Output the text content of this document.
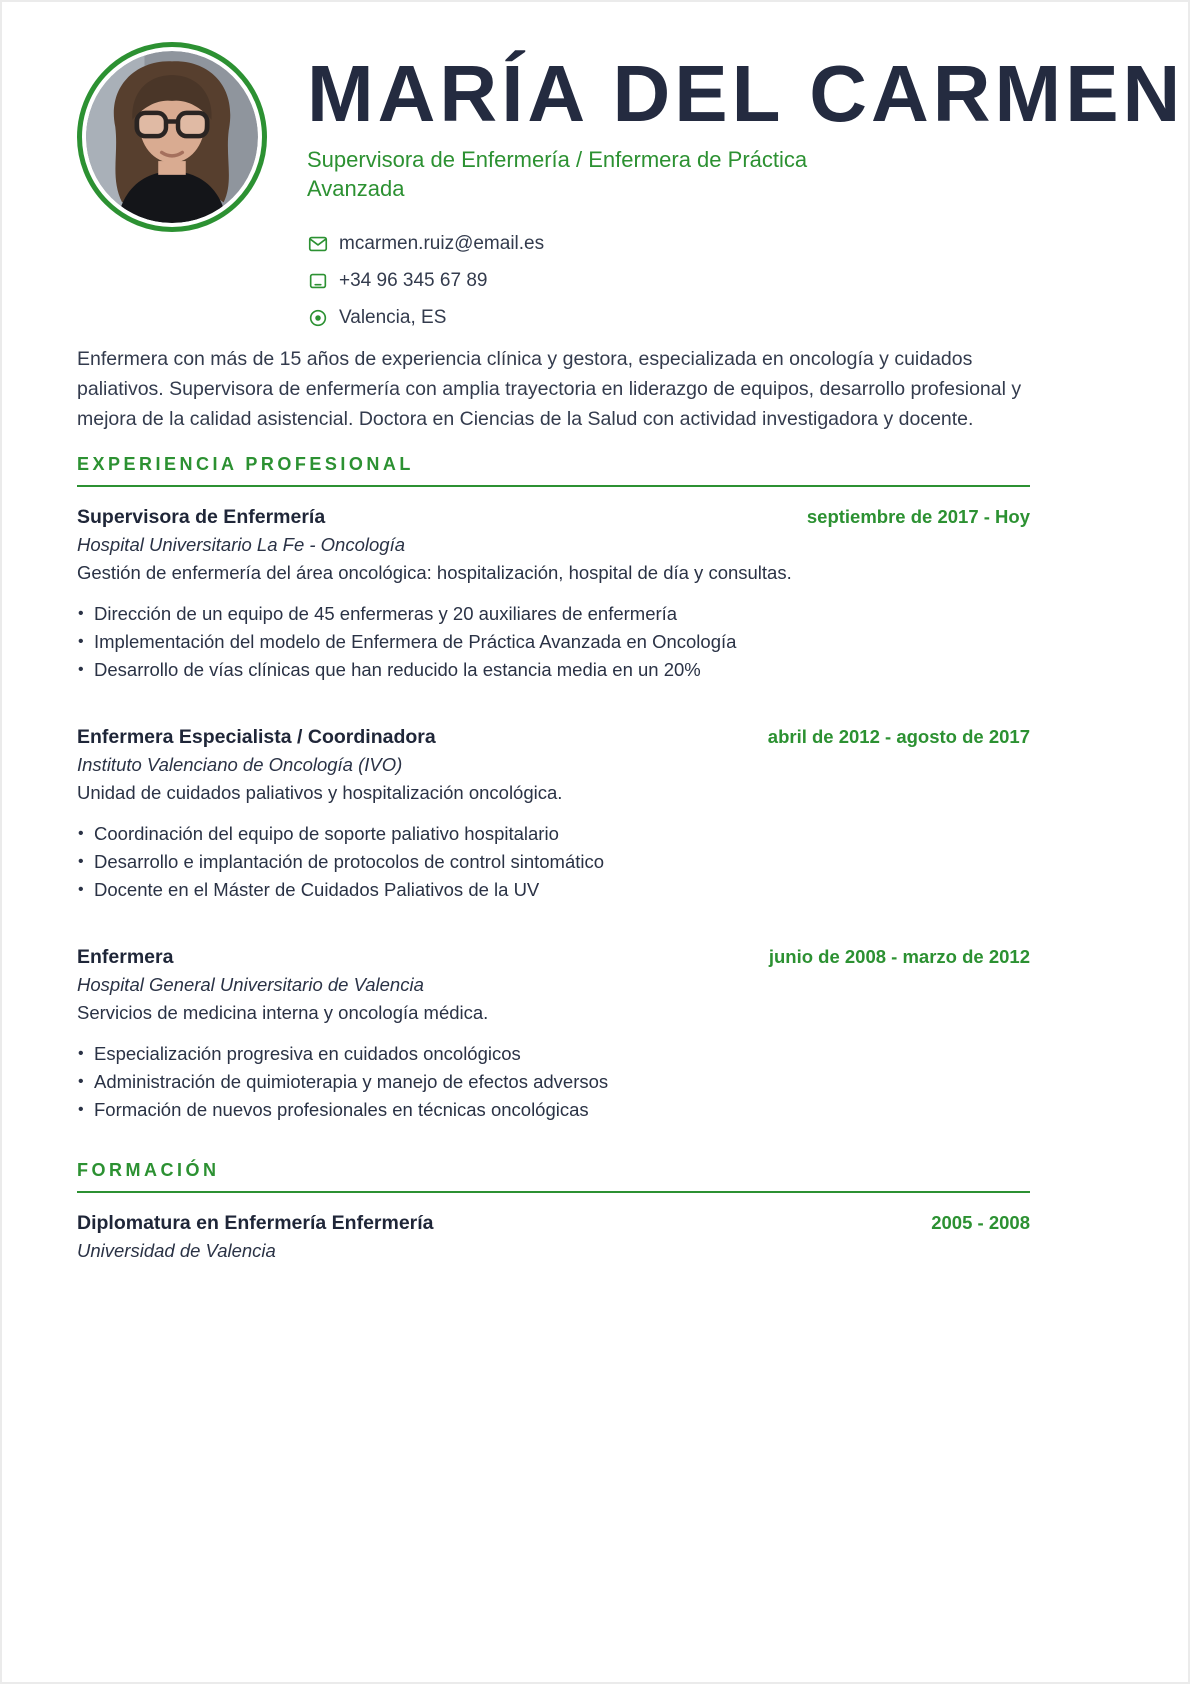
MARÍA DEL CARMEN
Supervisora de Enfermería / Enfermera de Práctica Avanzada
mcarmen.ruiz@email.es
+34 96 345 67 89
Valencia, ES

Enfermera con más de 15 años de experiencia clínica y gestora, especializada en oncología y cuidados paliativos. Supervisora de enfermería con amplia trayectoria en liderazgo de equipos, desarrollo profesional y mejora de la calidad asistencial. Doctora en Ciencias de la Salud con actividad investigadora y docente.

EXPERIENCIA PROFESIONAL
Supervisora de Enfermería	septiembre de 2017 - Hoy
Hospital Universitario La Fe - Oncología
Gestión de enfermería del área oncológica: hospitalización, hospital de día y consultas.
• Dirección de un equipo de 45 enfermeras y 20 auxiliares de enfermería
• Implementación del modelo de Enfermera de Práctica Avanzada en Oncología
• Desarrollo de vías clínicas que han reducido la estancia media en un 20%
Enfermera Especialista / Coordinadora	abril de 2012 - agosto de 2017
Instituto Valenciano de Oncología (IVO)
Unidad de cuidados paliativos y hospitalización oncológica.
• Coordinación del equipo de soporte paliativo hospitalario
• Desarrollo e implantación de protocolos de control sintomático
• Docente en el Máster de Cuidados Paliativos de la UV
Enfermera	junio de 2008 - marzo de 2012
Hospital General Universitario de Valencia
Servicios de medicina interna y oncología médica.
• Especialización progresiva en cuidados oncológicos
• Administración de quimioterapia y manejo de efectos adversos
• Formación de nuevos profesionales en técnicas oncológicas
FORMACIÓN
Diplomatura en Enfermería Enfermería	2005 - 2008
Universidad de Valencia
